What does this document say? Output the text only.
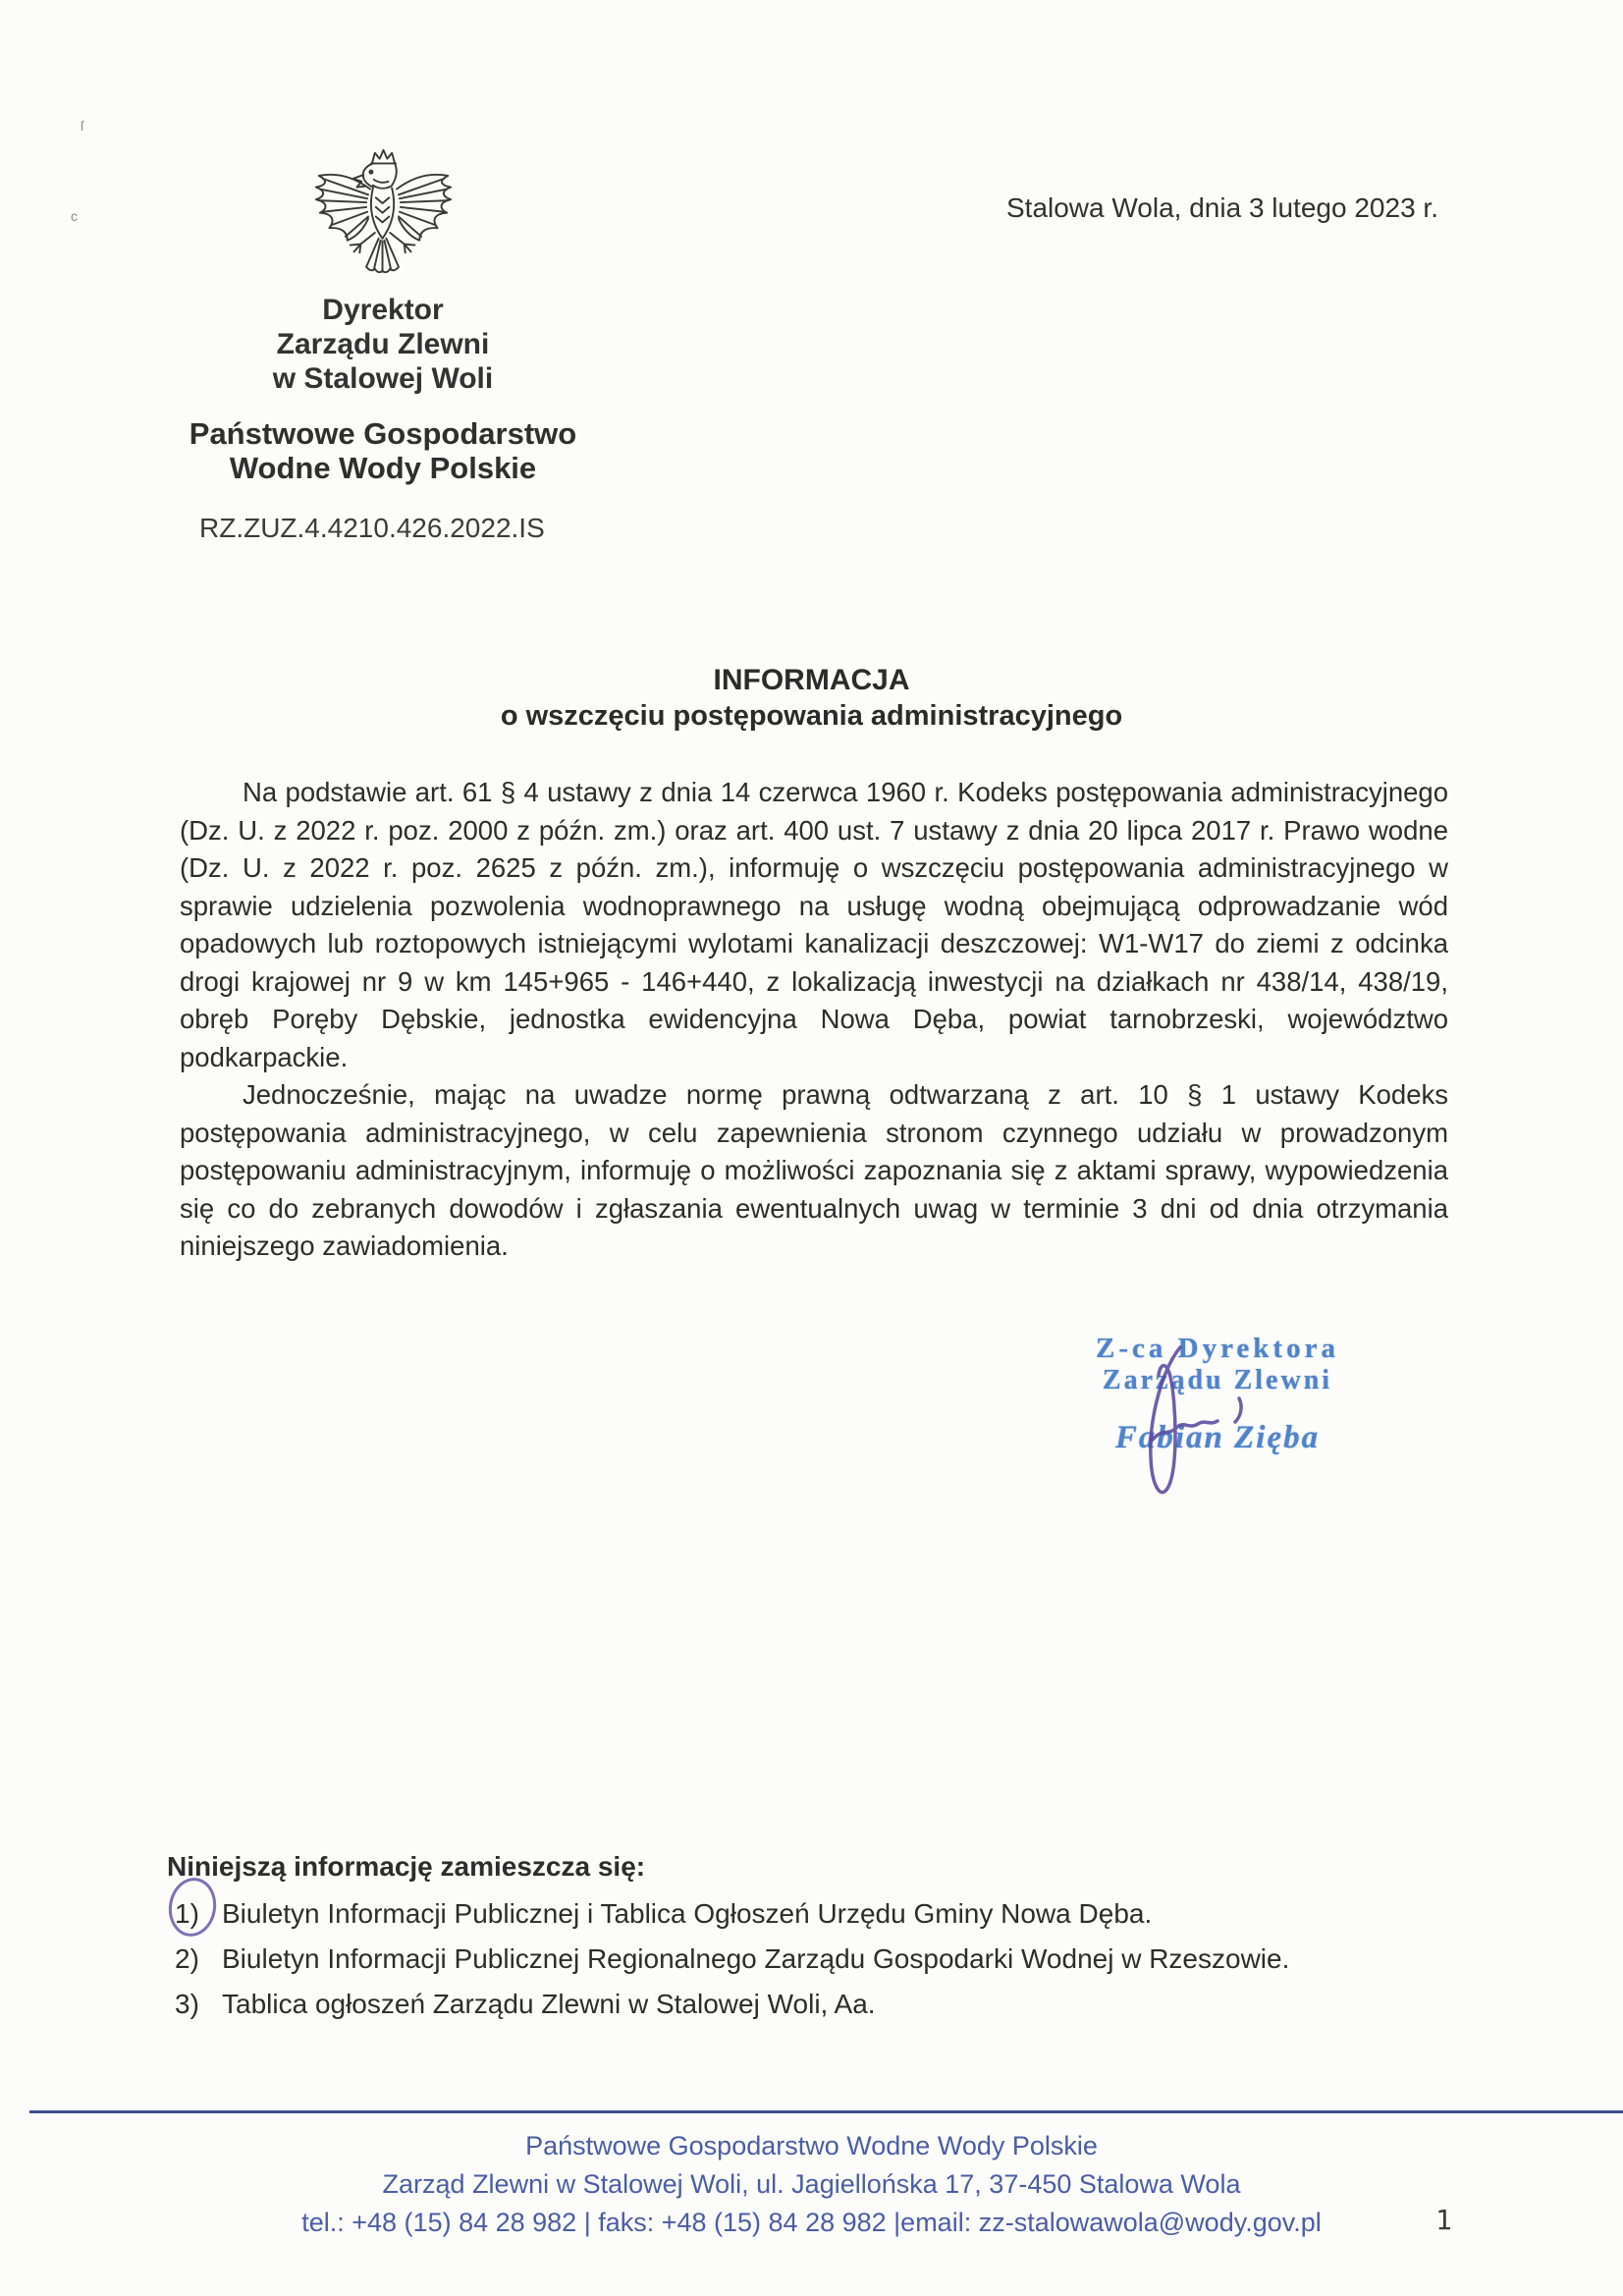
ſ
c	Stalowa Wola, dnia 3 lutego 2023 r.
Dyrektor
Zarządu Zlewni
w Stalowej Woli
Państwowe Gospodarstwo
Wodne Wody Polskie
RZ.ZUZ.4.4210.426.2022.IS
INFORMACJA
o wszczęciu postępowania administracyjnego

Na podstawie art. 61 § 4 ustawy z dnia 14 czerwca 1960 r. Kodeks postępowania administracyjnego (Dz. U. z 2022 r. poz. 2000 z późn. zm.) oraz art. 400 ust. 7 ustawy z dnia 20 lipca 2017 r. Prawo wodne (Dz. U. z 2022 r. poz. 2625 z późn. zm.), informuję o wszczęciu postępowania administracyjnego w sprawie udzielenia pozwolenia wodnoprawnego na usługę wodną obejmującą odprowadzanie wód opadowych lub roztopowych istniejącymi wylotami kanalizacji deszczowej: W1-W17 do ziemi z odcinka drogi krajowej nr 9 w km 145+965 - 146+440, z lokalizacją inwestycji na działkach nr 438/14, 438/19, obręb Poręby Dębskie, jednostka ewidencyjna Nowa Dęba, powiat tarnobrzeski, województwo podkarpackie.

Jednocześnie, mając na uwadze normę prawną odtwarzaną z art. 10 § 1 ustawy Kodeks postępowania administracyjnego, w celu zapewnienia stronom czynnego udziału w prowadzonym postępowaniu administracyjnym, informuję o możliwości zapoznania się z aktami sprawy, wypowiedzenia się co do zebranych dowodów i zgłaszania ewentualnych uwag w terminie 3 dni od dnia otrzymania niniejszego zawiadomienia.

Z-ca Dyrektora
Zarządu Zlewni
Fabian Zięba
Niniejszą informację zamieszcza się:
1) Biuletyn Informacji Publicznej i Tablica Ogłoszeń Urzędu Gminy Nowa Dęba.
2) Biuletyn Informacji Publicznej Regionalnego Zarządu Gospodarki Wodnej w Rzeszowie.
3) Tablica ogłoszeń Zarządu Zlewni w Stalowej Woli, Aa.
Państwowe Gospodarstwo Wodne Wody Polskie
Zarząd Zlewni w Stalowej Woli, ul. Jagiellońska 17, 37-450 Stalowa Wola
tel.: +48 (15) 84 28 982 | faks: +48 (15) 84 28 982 |email: zz-stalowawola@wody.gov.pl	1
